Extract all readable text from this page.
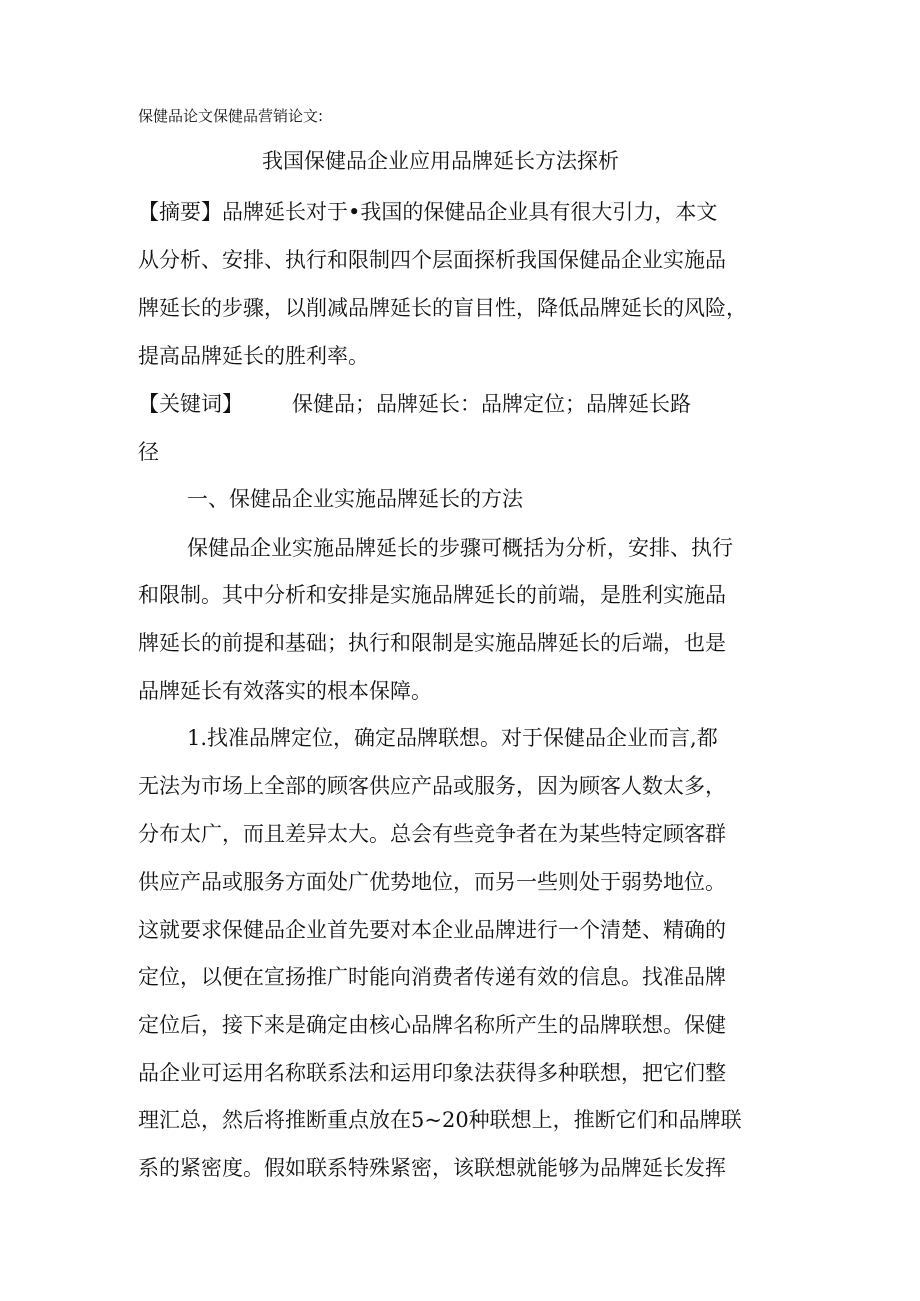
保健品论文保健品营销论文:
我国保健品企业应用品牌延长方法探析
【摘要】品牌延长对于•我国的保健品企业具有很大引力，本文
从分析、安排、执行和限制四个层面探析我国保健品企业实施品
牌延长的步骤，以削减品牌延长的盲目性，降低品牌延长的风险，
提高品牌延长的胜利率。
【关键词】 保健品；品牌延长：品牌定位；品牌延长路
径
一、保健品企业实施品牌延长的方法
保健品企业实施品牌延长的步骤可概括为分析，安排、执行
和限制。其中分析和安排是实施品牌延长的前端，是胜利实施品
牌延长的前提和基础；执行和限制是实施品牌延长的后端，也是
品牌延长有效落实的根本保障。
1.找准品牌定位，确定品牌联想。对于保健品企业而言,都
无法为市场上全部的顾客供应产品或服务，因为顾客人数太多，
分布太广，而且差异太大。总会有些竞争者在为某些特定顾客群
供应产品或服务方面处广优势地位，而另一些则处于弱势地位。
这就要求保健品企业首先要对本企业品牌进行一个清楚、精确的
定位，以便在宣扬推广时能向消费者传递有效的信息。找准品牌
定位后，接下来是确定由核心品牌名称所产生的品牌联想。保健
品企业可运用名称联系法和运用印象法获得多种联想，把它们整
理汇总，然后将推断重点放在5~20种联想上，推断它们和品牌联
系的紧密度。假如联系特殊紧密，该联想就能够为品牌延长发挥
